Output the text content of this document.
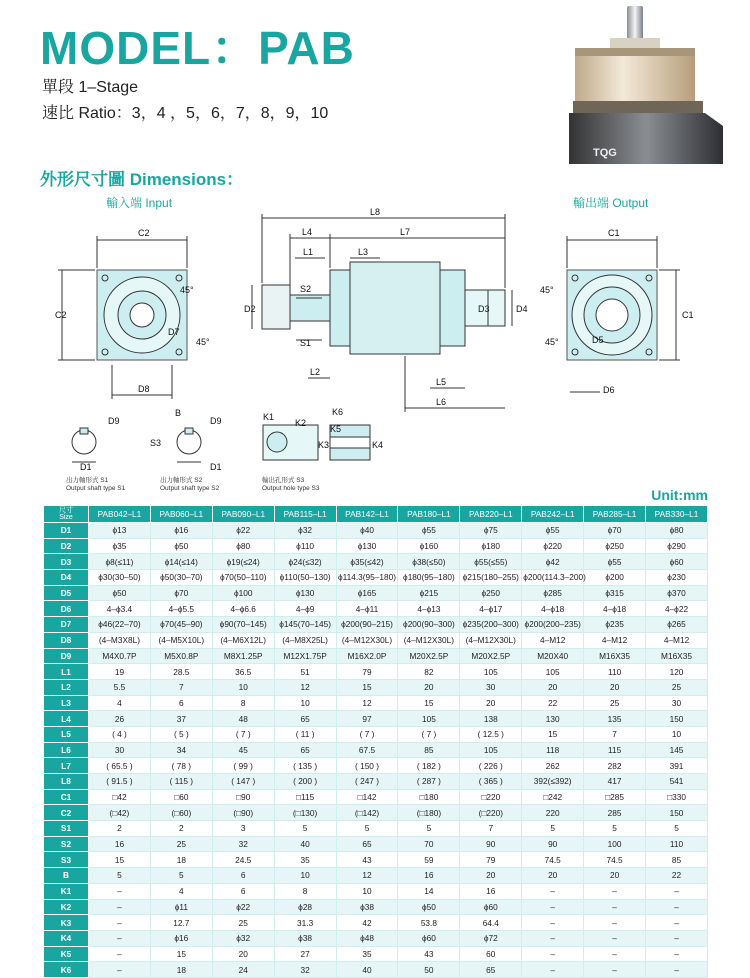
MODEL：PAB
單段 1–Stage
速比 Ratio：3，4 ，5，6，7，8，9，10
TQG
外形尺寸圖 Dimensions：
輸入端 Input	輸出端 Output
C2
C2
45°
45°
D7
D8
L8
L4	L7
L1	L3
S2
S1
D2	D3	D4
L2
L5
L6
C1
C1
45°
45°	D5
D6
D9
D1
B
D9
S3
D1
K1
K2
K6
K5
K3	K4
出力軸形式 S1
Output shaft type S1
出力軸形式 S2
Output shaft type S2
輸出孔形式 S3
Output hole type S3	Unit:mm
尺寸
Size	PAB042–L1	PAB060–L1	PAB090–L1	PAB115–L1	PAB142–L1	PAB180–L1	PAB220–L1	PAB242–L1	PAB285–L1	PAB330–L1
D1	ϕ13	ϕ16	ϕ22	ϕ32	ϕ40	ϕ55	ϕ75	ϕ55	ϕ70	ϕ80
D2	ϕ35	ϕ50	ϕ80	ϕ110	ϕ130	ϕ160	ϕ180	ϕ220	ϕ250	ϕ290
D3	ϕ8(≤11)	ϕ14(≤14)	ϕ19(≤24)	ϕ24(≤32)	ϕ35(≤42)	ϕ38(≤50)	ϕ55(≤55)	ϕ42	ϕ55	ϕ60
D4	ϕ30(30–50)	ϕ50(30–70)	ϕ70(50–110)	ϕ110(50–130)	ϕ114.3(95–180)	ϕ180(95–180)	ϕ215(180–255)	ϕ200(114.3–200)	ϕ200	ϕ230
D5	ϕ50	ϕ70	ϕ100	ϕ130	ϕ165	ϕ215	ϕ250	ϕ285	ϕ315	ϕ370
D6	4–ϕ3.4	4–ϕ5.5	4–ϕ6.6	4–ϕ9	4–ϕ11	4–ϕ13	4–ϕ17	4–ϕ18	4–ϕ18	4–ϕ22
D7	ϕ46(22–70)	ϕ70(45–90)	ϕ90(70–145)	ϕ145(70–145)	ϕ200(90–215)	ϕ200(90–300)	ϕ235(200–300)	ϕ200(200–235)	ϕ235	ϕ265
D8	(4–M3X8L)	(4–M5X10L)	(4–M6X12L)	(4–M8X25L)	(4–M12X30L)	(4–M12X30L)	(4–M12X30L)	4–M12	4–M12	4–M12
D9	M4X0.7P	M5X0.8P	M8X1.25P	M12X1.75P	M16X2.0P	M20X2.5P	M20X2.5P	M20X40	M16X35	M16X35
L1	19	28.5	36.5	51	79	82	105	105	110	120
L2	5.5	7	10	12	15	20	30	20	20	25
L3	4	6	8	10	12	15	20	22	25	30
L4	26	37	48	65	97	105	138	130	135	150
L5	( 4 )	( 5 )	( 7 )	( 11 )	( 7 )	( 7 )	( 12.5 )	15	7	10
L6	30	34	45	65	67.5	85	105	118	115	145
L7	( 65.5 )	( 78 )	( 99 )	( 135 )	( 150 )	( 182 )	( 226 )	262	282	391
L8	( 91.5 )	( 115 )	( 147 )	( 200 )	( 247 )	( 287 )	( 365 )	392(≤392)	417	541
C1	□42	□60	□90	□115	□142	□180	□220	□242	□285	□330
C2	(□42)	(□60)	(□90)	(□130)	(□142)	(□180)	(□220)	220	285	150
S1	2	2	3	5	5	5	7	5	5	5
S2	16	25	32	40	65	70	90	90	100	110
S3	15	18	24.5	35	43	59	79	74.5	74.5	85
B	5	5	6	10	12	16	20	20	20	22
K1	–	4	6	8	10	14	16	–	–	–
K2	–	ϕ11	ϕ22	ϕ28	ϕ38	ϕ50	ϕ60	–	–	–
K3	–	12.7	25	31.3	42	53.8	64.4	–	–	–
K4	–	ϕ16	ϕ32	ϕ38	ϕ48	ϕ60	ϕ72	–	–	–
K5	–	15	20	27	35	43	60	–	–	–
K6	–	18	24	32	40	50	65	–	–	–
